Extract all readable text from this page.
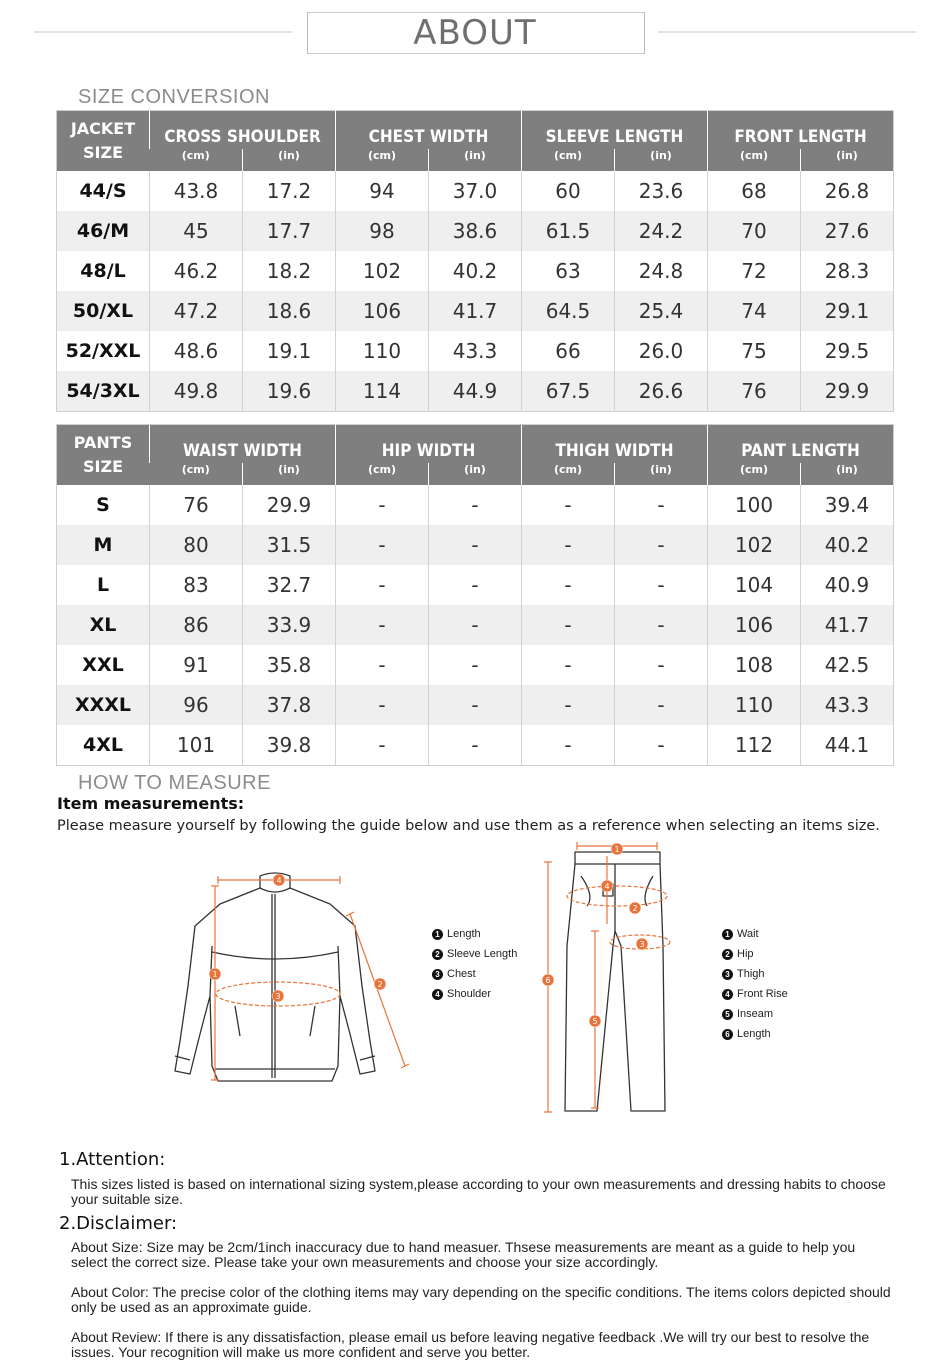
ABOUT
SIZE CONVERSION
JACKET
SIZE	CROSS SHOULDER		CHEST WIDTH		SLEEVE LENGTH		FRONT LENGTH	
	(cm)	(in)	(cm)	(in)	(cm)	(in)	(cm)	(in)
44/S	43.8	17.2	94	37.0	60	23.6	68	26.8
46/M	45	17.7	98	38.6	61.5	24.2	70	27.6
48/L	46.2	18.2	102	40.2	63	24.8	72	28.3
50/XL	47.2	18.6	106	41.7	64.5	25.4	74	29.1
52/XXL	48.6	19.1	110	43.3	66	26.0	75	29.5
54/3XL	49.8	19.6	114	44.9	67.5	26.6	76	29.9
PANTS
SIZE	WAIST WIDTH		HIP WIDTH		THIGH WIDTH		PANT LENGTH	
	(cm)	(in)	(cm)	(in)	(cm)	(in)	(cm)	(in)
S	76	29.9	-	-	-	-	100	39.4
M	80	31.5	-	-	-	-	102	40.2
L	83	32.7	-	-	-	-	104	40.9
XL	86	33.9	-	-	-	-	106	41.7
XXL	91	35.8	-	-	-	-	108	42.5
XXXL	96	37.8	-	-	-	-	110	43.3
4XL	101	39.8	-	-	-	-	112	44.1
HOW TO MEASURE
Item measurements:
Please measure yourself by following the guide below and use them as a reference when selecting an items size.
4
1
3
2
1 Length
2 Sleeve Length
3 Chest
4 Shoulder
1
2
3
4
5
6
1 Wait
2 Hip
3 Thigh
4 Front Rise
5 Inseam
6 Length
1.Attention:
This sizes listed is based on international sizing system,please according to your own measurements and dressing habits to choose your suitable size.
2.Disclaimer:
About Size: Size may be 2cm/1inch inaccuracy due to hand measuer. Thsese measurements are meant as a guide to help you select the correct size. Please take your own measurements and choose your size accordingly.
About Color: The precise color of the clothing items may vary depending on the specific conditions. The items colors depicted should only be used as an approximate guide.
About Review: If there is any dissatisfaction, please email us before leaving negative feedback .We will try our best to resolve the issues. Your recognition will make us more confident and serve you better.
